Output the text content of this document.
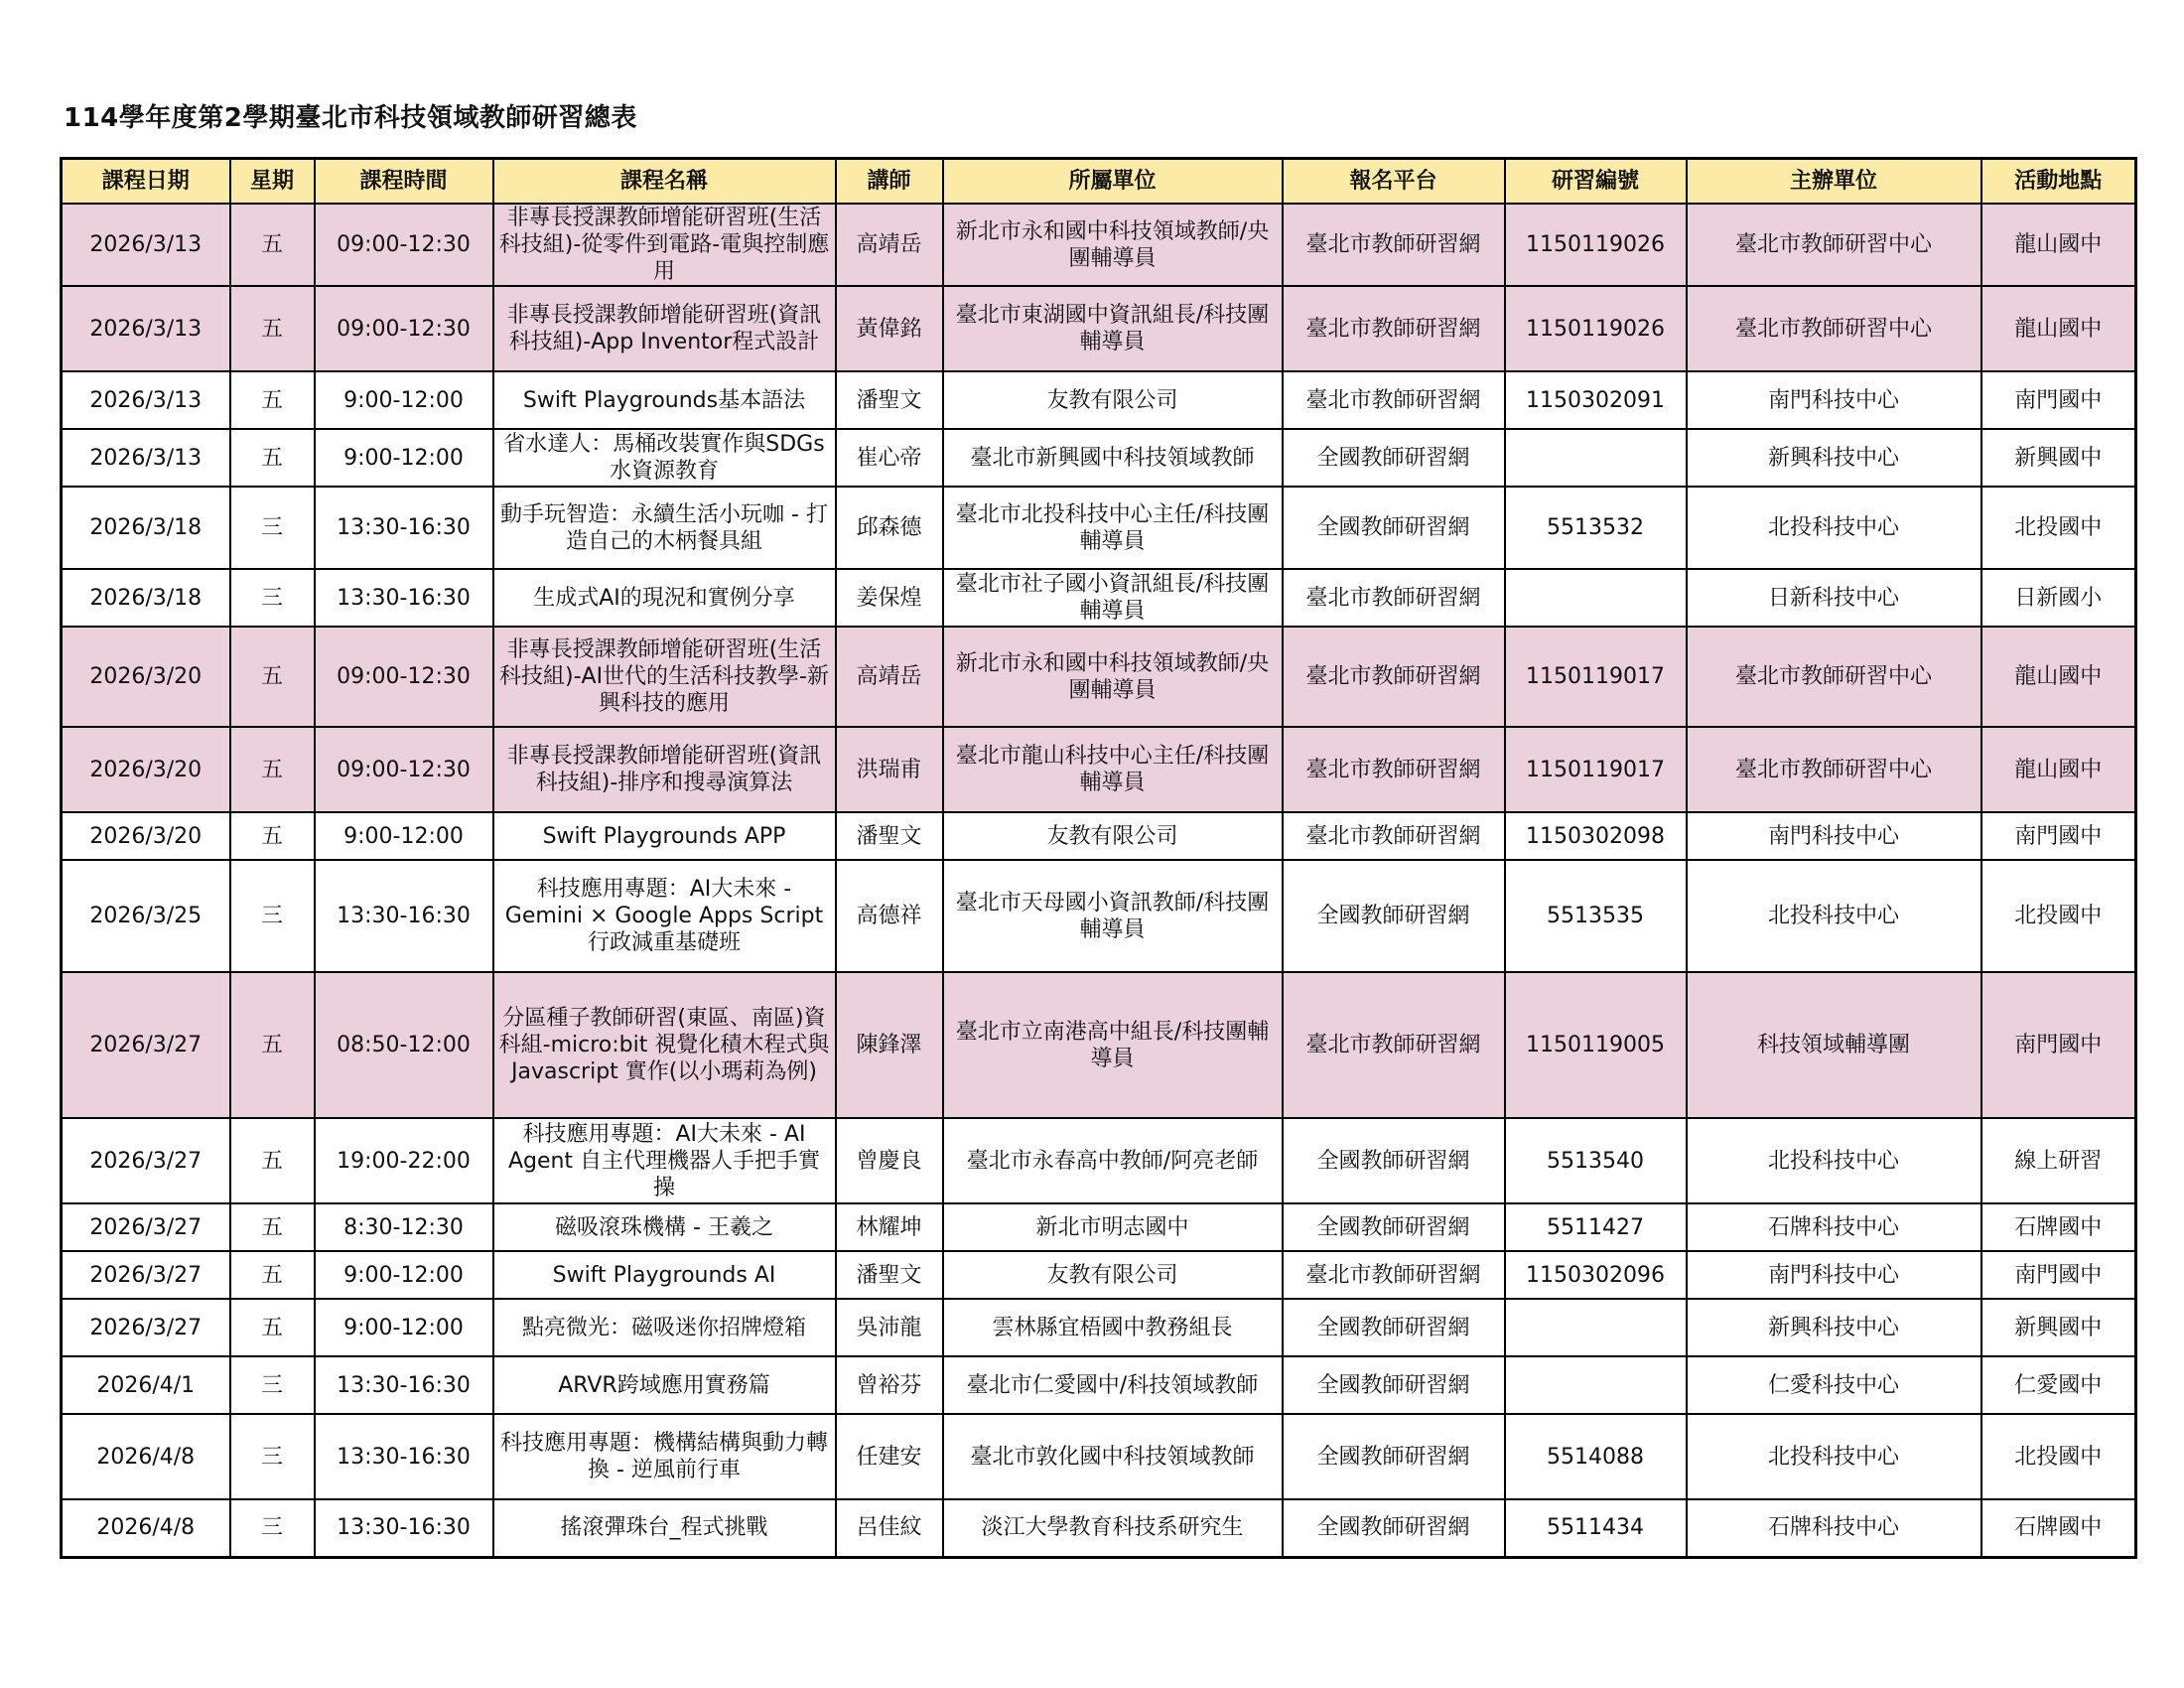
114學年度第2學期臺北市科技領域教師研習總表
課程日期	星期	課程時間	課程名稱	講師	所屬單位	報名平台	研習編號	主辦單位	活動地點
2026/3/13	五	09:00-12:30	非專長授課教師增能研習班(生活科技組)-從零件到電路-電與控制應用	高靖岳	新北市永和國中科技領域教師/央團輔導員	臺北市教師研習網	1150119026	臺北市教師研習中心	龍山國中
2026/3/13	五	09:00-12:30	非專長授課教師增能研習班(資訊科技組)-App Inventor程式設計	黃偉銘	臺北市東湖國中資訊組長/科技團輔導員	臺北市教師研習網	1150119026	臺北市教師研習中心	龍山國中
2026/3/13	五	9:00-12:00	Swift Playgrounds基本語法	潘聖文	友教有限公司	臺北市教師研習網	1150302091	南門科技中心	南門國中
2026/3/13	五	9:00-12:00	省水達人：馬桶改裝實作與SDGs水資源教育	崔心帝	臺北市新興國中科技領域教師	全國教師研習網		新興科技中心	新興國中
2026/3/18	三	13:30-16:30	動手玩智造：永續生活小玩咖 - 打造自己的木柄餐具組	邱森德	臺北市北投科技中心主任/科技團輔導員	全國教師研習網	5513532	北投科技中心	北投國中
2026/3/18	三	13:30-16:30	生成式AI的現況和實例分享	姜保煌	臺北市社子國小資訊組長/科技團輔導員	臺北市教師研習網		日新科技中心	日新國小
2026/3/20	五	09:00-12:30	非專長授課教師增能研習班(生活科技組)-AI世代的生活科技教學-新興科技的應用	高靖岳	新北市永和國中科技領域教師/央團輔導員	臺北市教師研習網	1150119017	臺北市教師研習中心	龍山國中
2026/3/20	五	09:00-12:30	非專長授課教師增能研習班(資訊科技組)-排序和搜尋演算法	洪瑞甫	臺北市龍山科技中心主任/科技團輔導員	臺北市教師研習網	1150119017	臺北市教師研習中心	龍山國中
2026/3/20	五	9:00-12:00	Swift Playgrounds APP	潘聖文	友教有限公司	臺北市教師研習網	1150302098	南門科技中心	南門國中
2026/3/25	三	13:30-16:30	科技應用專題：AI大未來 - Gemini × Google Apps Script 行政減重基礎班	高德祥	臺北市天母國小資訊教師/科技團輔導員	全國教師研習網	5513535	北投科技中心	北投國中
2026/3/27	五	08:50-12:00	分區種子教師研習(東區、南區)資科組-micro:bit 視覺化積木程式與 Javascript 實作(以小瑪莉為例)	陳鋒澤	臺北市立南港高中組長/科技團輔導員	臺北市教師研習網	1150119005	科技領域輔導團	南門國中
2026/3/27	五	19:00-22:00	科技應用專題：AI大未來 - AI Agent 自主代理機器人手把手實操	曾慶良	臺北市永春高中教師/阿亮老師	全國教師研習網	5513540	北投科技中心	線上研習
2026/3/27	五	8:30-12:30	磁吸滾珠機構 - 王羲之	林耀坤	新北市明志國中	全國教師研習網	5511427	石牌科技中心	石牌國中
2026/3/27	五	9:00-12:00	Swift Playgrounds AI	潘聖文	友教有限公司	臺北市教師研習網	1150302096	南門科技中心	南門國中
2026/3/27	五	9:00-12:00	點亮微光：磁吸迷你招牌燈箱	吳沛龍	雲林縣宜梧國中教務組長	全國教師研習網		新興科技中心	新興國中
2026/4/1	三	13:30-16:30	ARVR跨域應用實務篇	曾裕芬	臺北市仁愛國中/科技領域教師	全國教師研習網		仁愛科技中心	仁愛國中
2026/4/8	三	13:30-16:30	科技應用專題：機構結構與動力轉換 - 逆風前行車	任建安	臺北市敦化國中科技領域教師	全國教師研習網	5514088	北投科技中心	北投國中
2026/4/8	三	13:30-16:30	搖滾彈珠台_程式挑戰	呂佳紋	淡江大學教育科技系研究生	全國教師研習網	5511434	石牌科技中心	石牌國中
